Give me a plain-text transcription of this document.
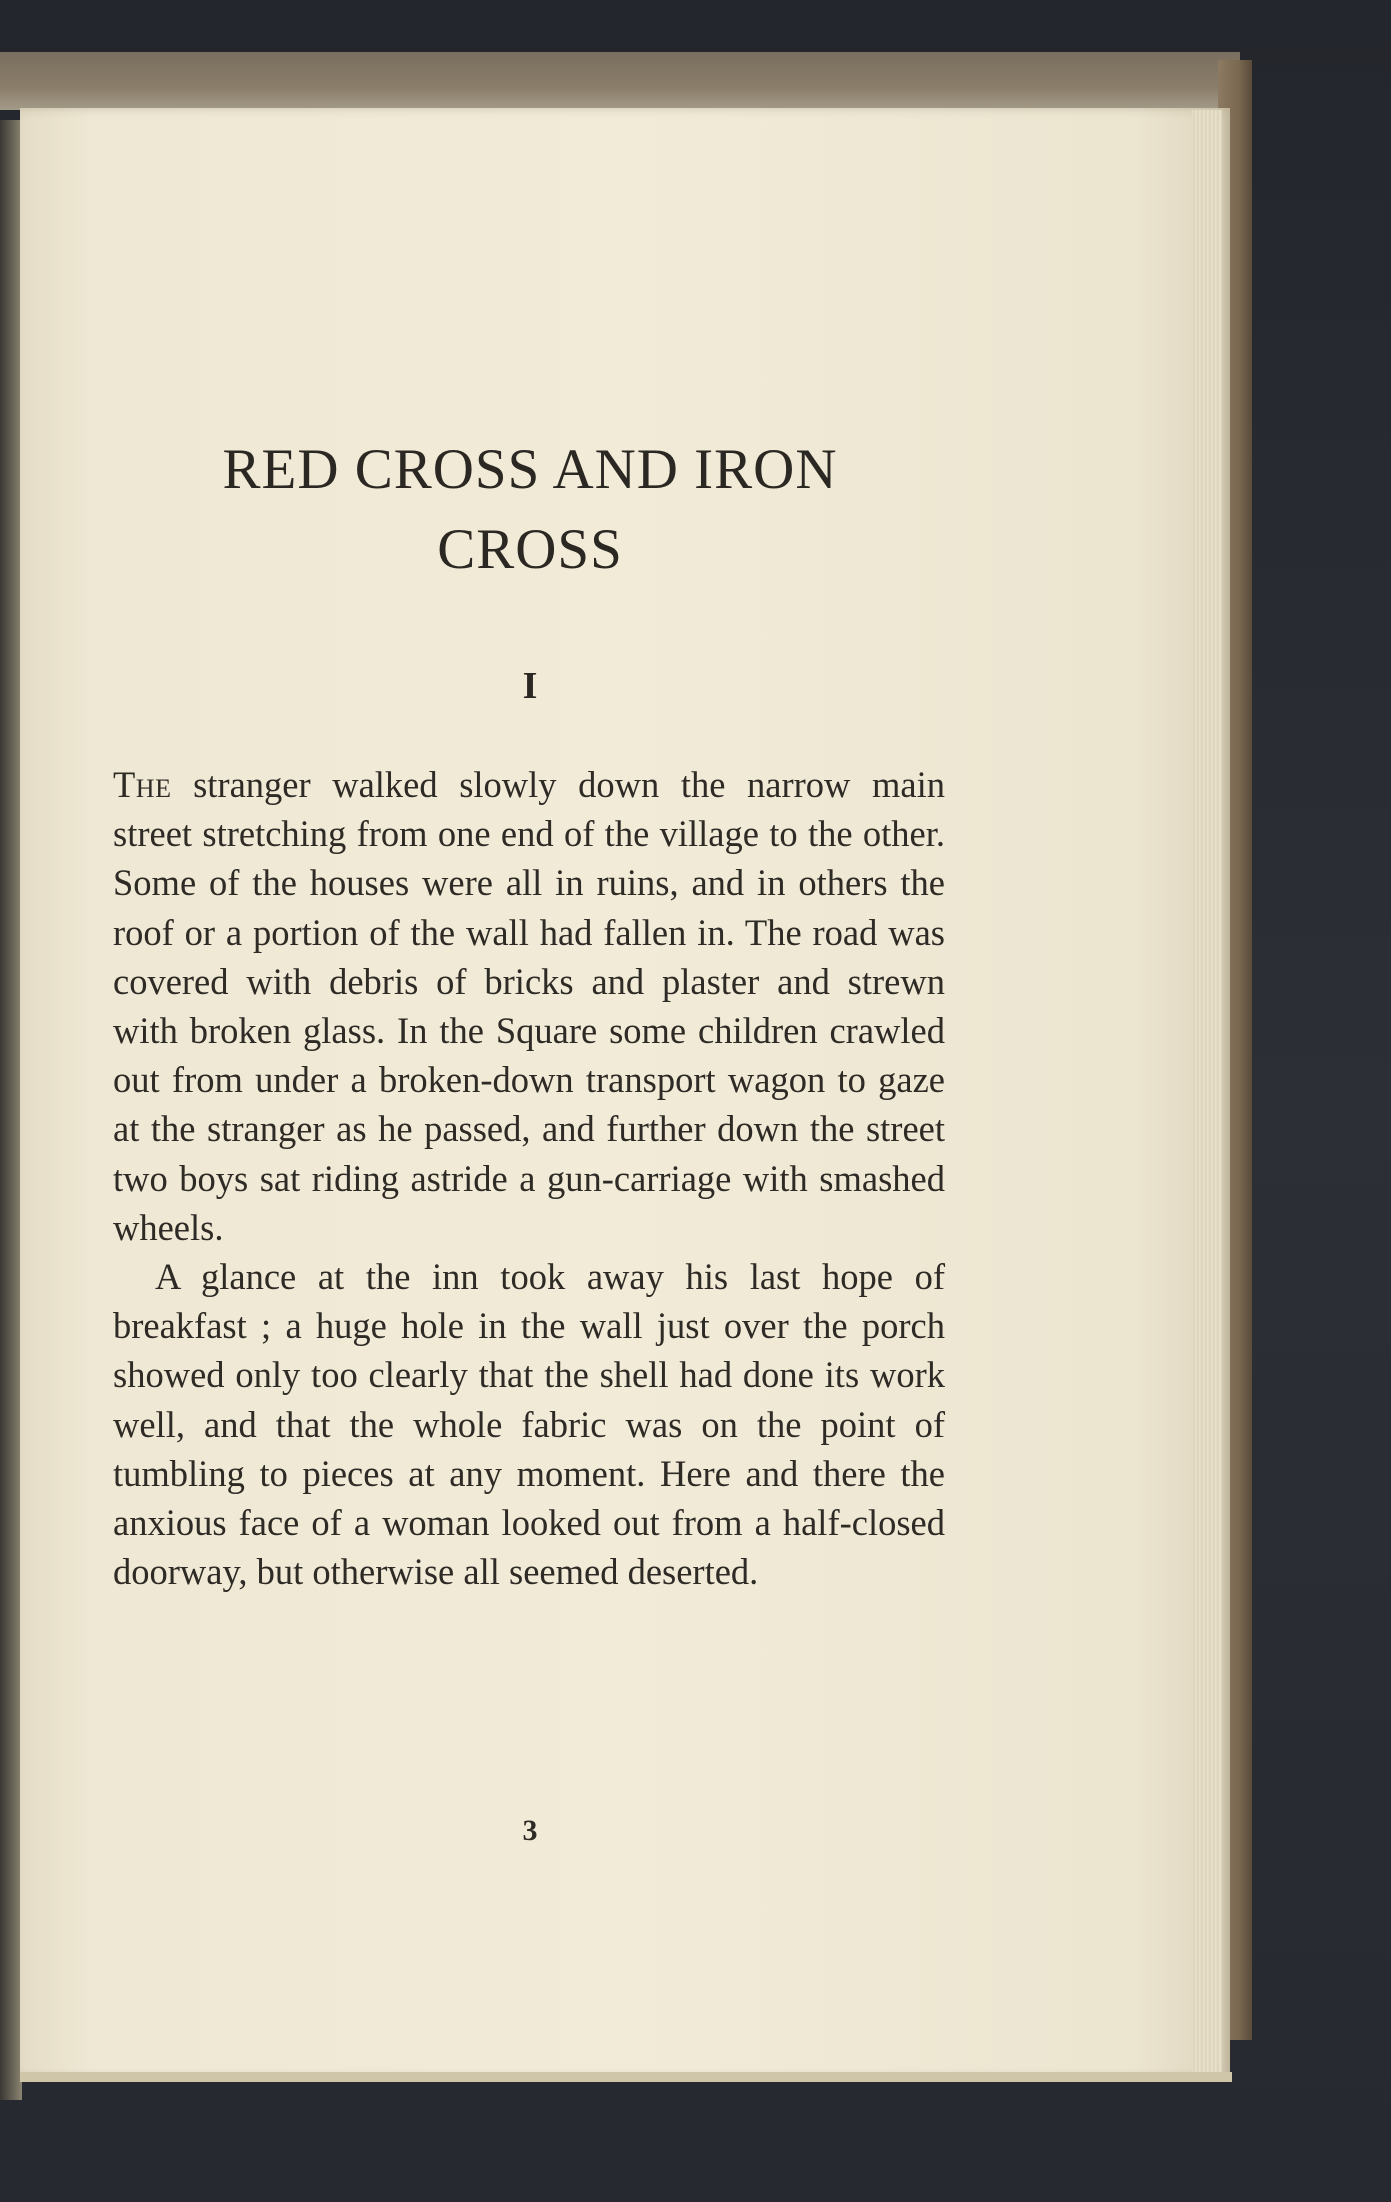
RED CROSS AND IRON
CROSS
I

The stranger walked slowly down the narrow main street stretching from one end of the village to the other. Some of the houses were all in ruins, and in others the roof or a portion of the wall had fallen in. The road was covered with debris of bricks and plaster and strewn with broken glass. In the Square some children crawled out from under a broken-down transport wagon to gaze at the stranger as he passed, and further down the street two boys sat riding astride a gun-carriage with smashed wheels.

A glance at the inn took away his last hope of breakfast ; a huge hole in the wall just over the porch showed only too clearly that the shell had done its work well, and that the whole fabric was on the point of tumbling to pieces at any moment. Here and there the anxious face of a woman looked out from a half-closed doorway, but otherwise all seemed deserted.

3
